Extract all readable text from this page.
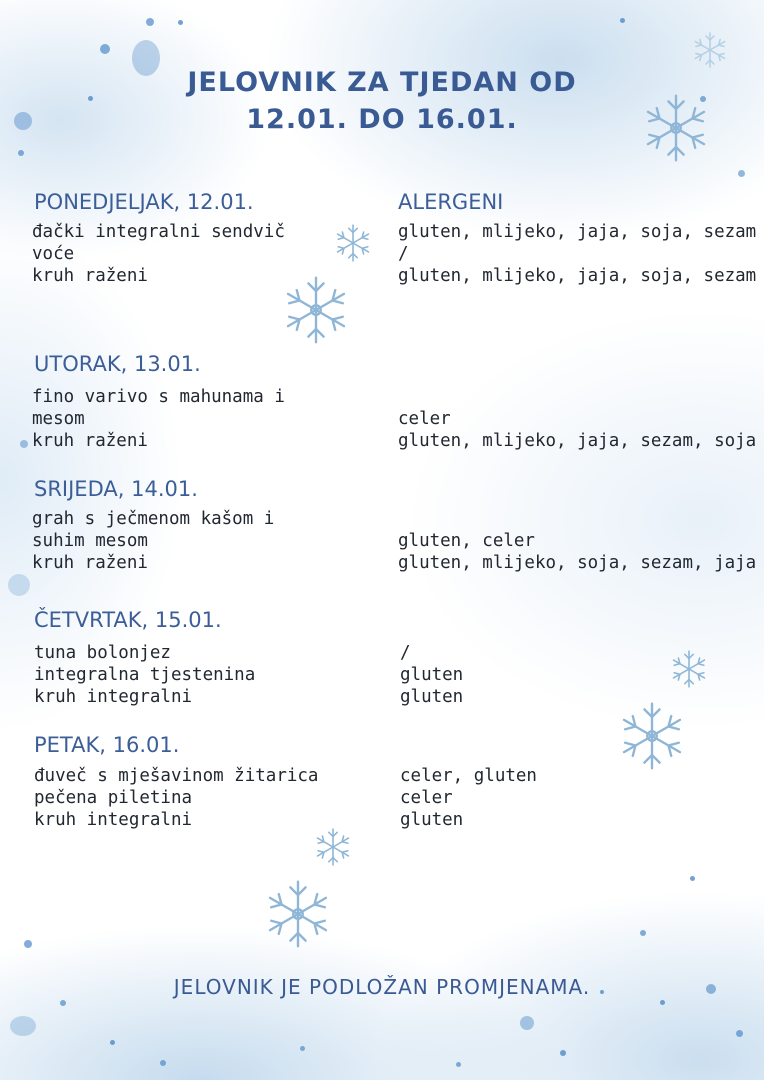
JELOVNIK ZA TJEDAN OD
12.01. DO 16.01.
ALERGENI
PONEDJELJAK, 12.01.
đački integralni sendvič
voće
kruh raženi
gluten, mlijeko, jaja, soja, sezam
/
gluten, mlijeko, jaja, soja, sezam
UTORAK, 13.01.
fino varivo s mahunama i
mesom
kruh raženi
celer
gluten, mlijeko, jaja, sezam, soja
SRIJEDA, 14.01.
grah s ječmenom kašom i
suhim mesom
kruh raženi
gluten, celer
gluten, mlijeko, soja, sezam, jaja
ČETVRTAK, 15.01.
tuna bolonjez
integralna tjestenina
kruh integralni
/
gluten
gluten
PETAK, 16.01.
đuveč s mješavinom žitarica
pečena piletina
kruh integralni
celer, gluten
celer
gluten
JELOVNIK JE PODLOŽAN PROMJENAMA.
